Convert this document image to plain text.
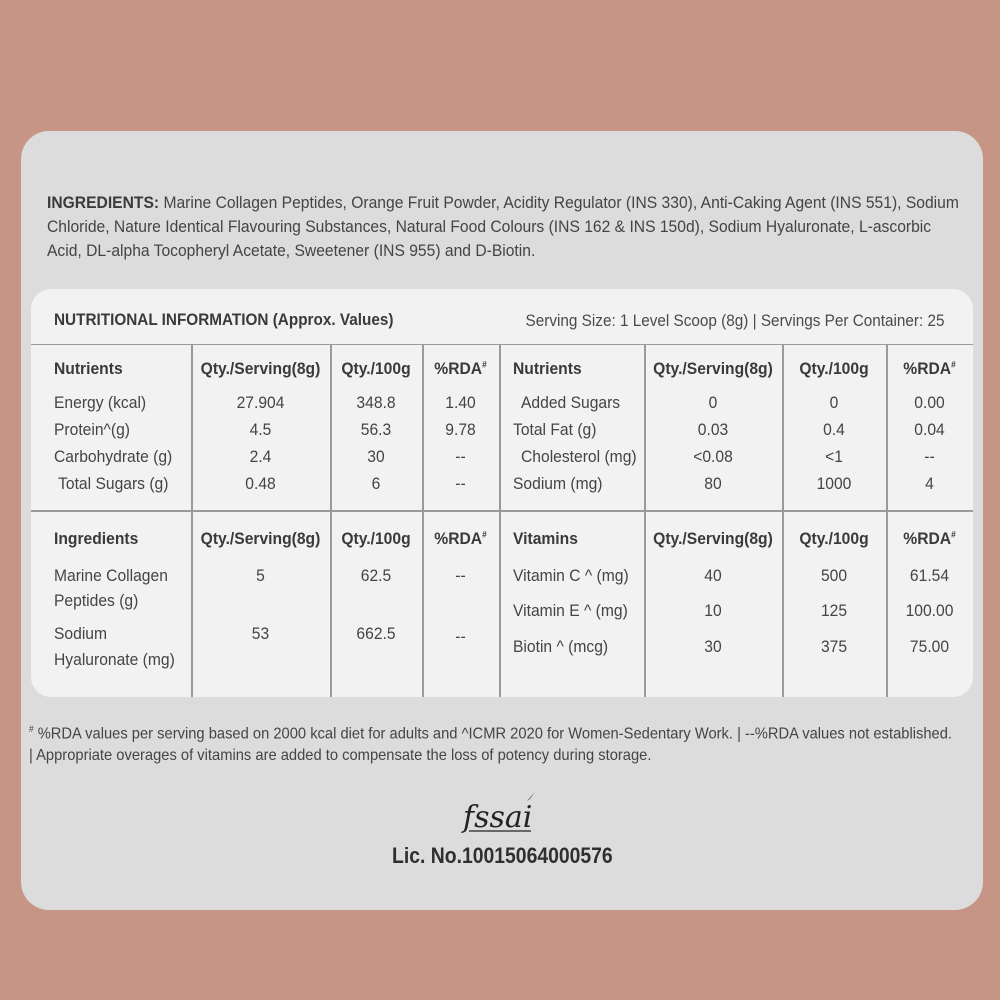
INGREDIENTS: Marine Collagen Peptides, Orange Fruit Powder, Acidity Regulator (INS 330), Anti-Caking Agent (INS 551), Sodium Chloride, Nature Identical Flavouring Substances, Natural Food Colours (INS 162 & INS 150d), Sodium Hyaluronate, L-ascorbic Acid, DL-alpha Tocopheryl Acetate, Sweetener (INS 955) and D-Biotin.
NUTRITIONAL INFORMATION (Approx. Values)	Serving Size: 1 Level Scoop (8g) | Servings Per Container: 25
Nutrients	Qty./Serving(8g)	Qty./100g	%RDA#	Nutrients	Qty./Serving(8g)	Qty./100g	%RDA#
Energy (kcal)	27.904	348.8	1.40
Protein^(g)	4.5	56.3	9.78
Carbohydrate (g)	2.4	30	--
Total Sugars (g)	0.48	6	--
Added Sugars	0	0	0.00
Total Fat (g)	0.03	0.4	0.04
Cholesterol (mg)	<0.08	<1	--
Sodium (mg)	80	1000	4
Ingredients	Qty./Serving(8g)	Qty./100g	%RDA#	Vitamins	Qty./Serving(8g)	Qty./100g	%RDA#
Marine Collagen
Peptides (g)
5	62.5	--
Sodium
Hyaluronate (mg)
53	662.5	--
Vitamin C ^ (mg)	40	500	61.54
Vitamin E ^ (mg)	10	125	100.00
Biotin ^ (mcg)	30	375	75.00
# %RDA values per serving based on 2000 kcal diet for adults and ^ICMR 2020 for Women-Sedentary Work. | --%RDA values not established. | Appropriate overages of vitamins are added to compensate the loss of potency during storage.
fssai
Lic. No.10015064000576
